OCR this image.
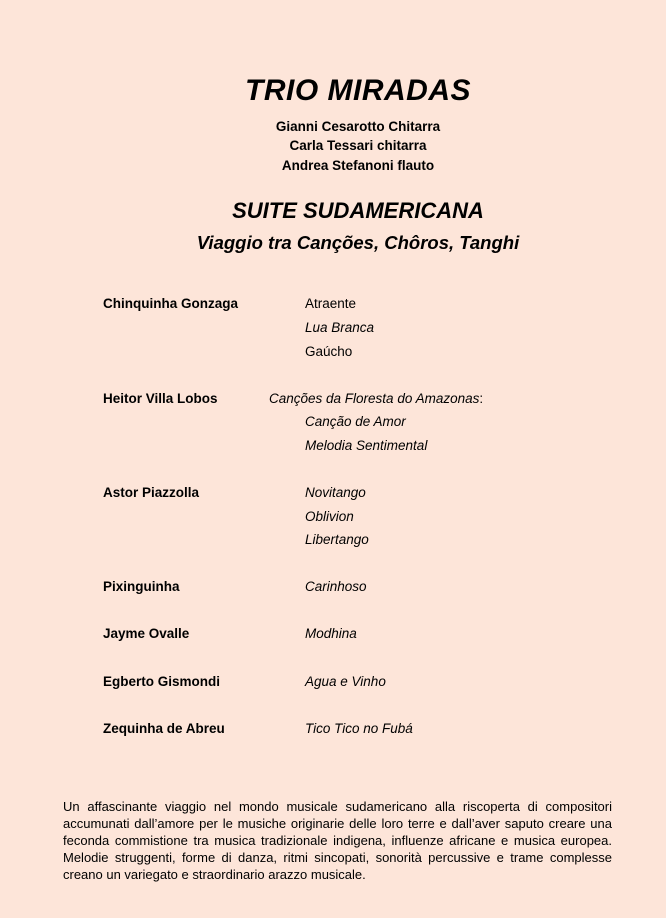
TRIO MIRADAS

Gianni Cesarotto Chitarra

Carla Tessari chitarra

Andrea Stefanoni flauto

SUITE SUDAMERICANA
Viaggio tra Canções, Chôros, Tanghi
Chinquinha Gonzaga	Atraente
Lua Branca
Gaúcho
Heitor Villa Lobos	Canções da Floresta do Amazonas:
Canção de Amor
Melodia Sentimental
Astor Piazzolla	Novitango
Oblivion
Libertango
Pixinguinha	Carinhoso
Jayme Ovalle	Modhina
Egberto Gismondi	Agua e Vinho
Zequinha de Abreu	Tico Tico no Fubá

Un affascinante viaggio nel mondo musicale sudamericano alla riscoperta di compositori accumunati dall’amore per le musiche originarie delle loro terre e dall’aver saputo creare una feconda commistione tra musica tradizionale indigena, influenze africane e musica europea. Melodie struggenti, forme di danza, ritmi sincopati, sonorità percussive e trame complesse creano un variegato e straordinario arazzo musicale.
